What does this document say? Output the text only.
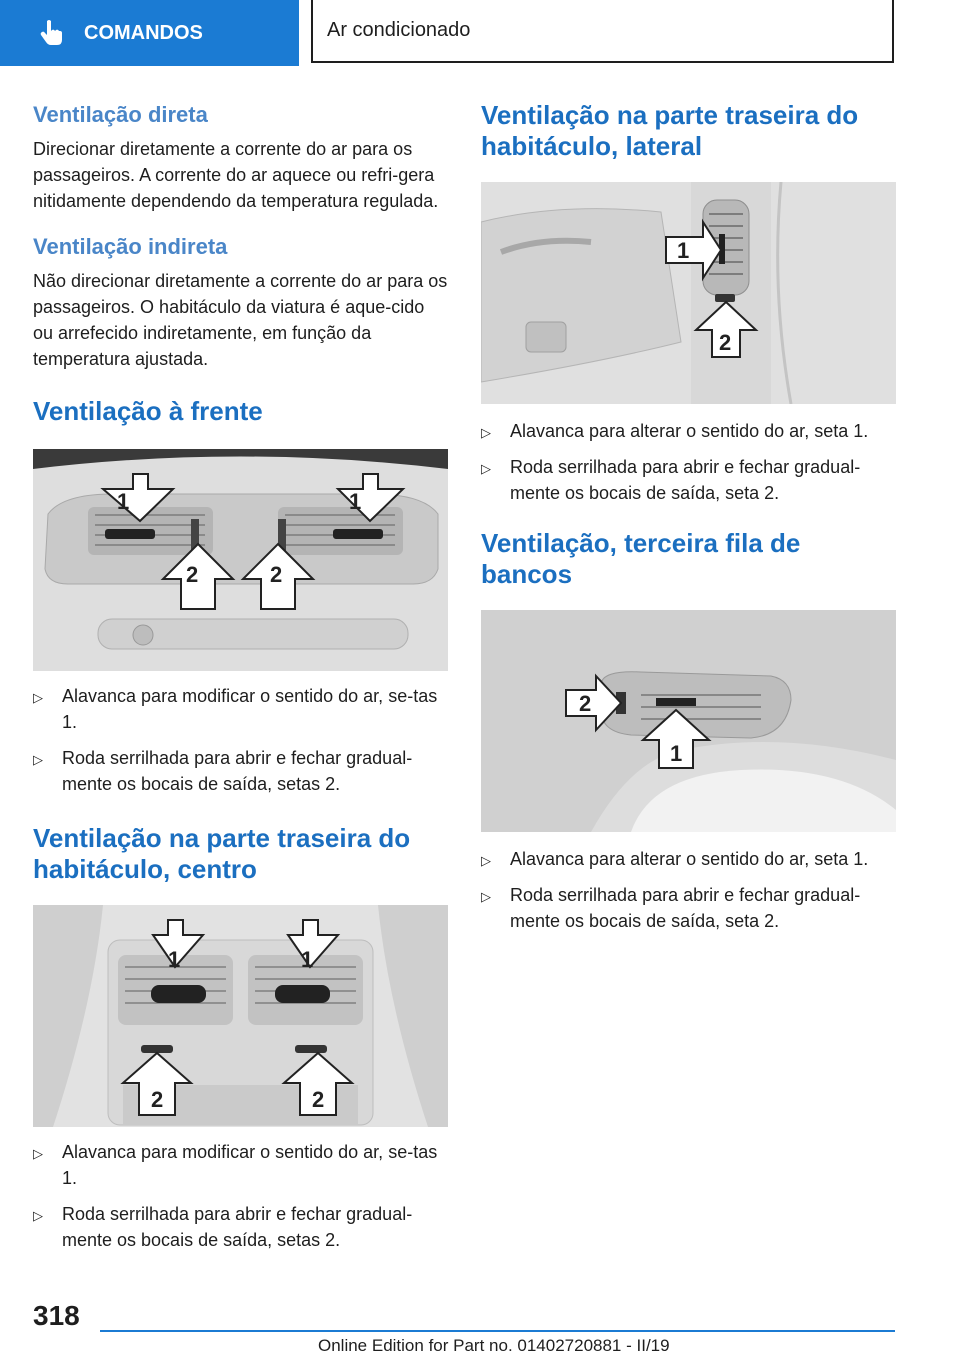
COMANDOS	Ar condicionado
Ventilação direta

Direcionar diretamente a corrente do ar para os passageiros. A corrente do ar aquece ou refri-gera nitidamente dependendo da temperatura regulada.

Ventilação indireta

Não direcionar diretamente a corrente do ar para os passageiros. O habitáculo da viatura é aque-cido ou arrefecido indiretamente, em função da temperatura ajustada.

Ventilação à frente
1	1
2	2
▷ Alavanca para modificar o sentido do ar, se-tas 1.
▷ Roda serrilhada para abrir e fechar gradual-mente os bocais de saída, setas 2.
Ventilação na parte traseira do habitáculo, centro
1	1
2	2
▷ Alavanca para modificar o sentido do ar, se-tas 1.
▷ Roda serrilhada para abrir e fechar gradual-mente os bocais de saída, setas 2.
Ventilação na parte traseira do habitáculo, lateral
1
2
▷ Alavanca para alterar o sentido do ar, seta 1.
▷ Roda serrilhada para abrir e fechar gradual-mente os bocais de saída, seta 2.
Ventilação, terceira fila de bancos
2
1
▷ Alavanca para alterar o sentido do ar, seta 1.
▷ Roda serrilhada para abrir e fechar gradual-mente os bocais de saída, seta 2.
318
Online Edition for Part no. 01402720881 - II/19
